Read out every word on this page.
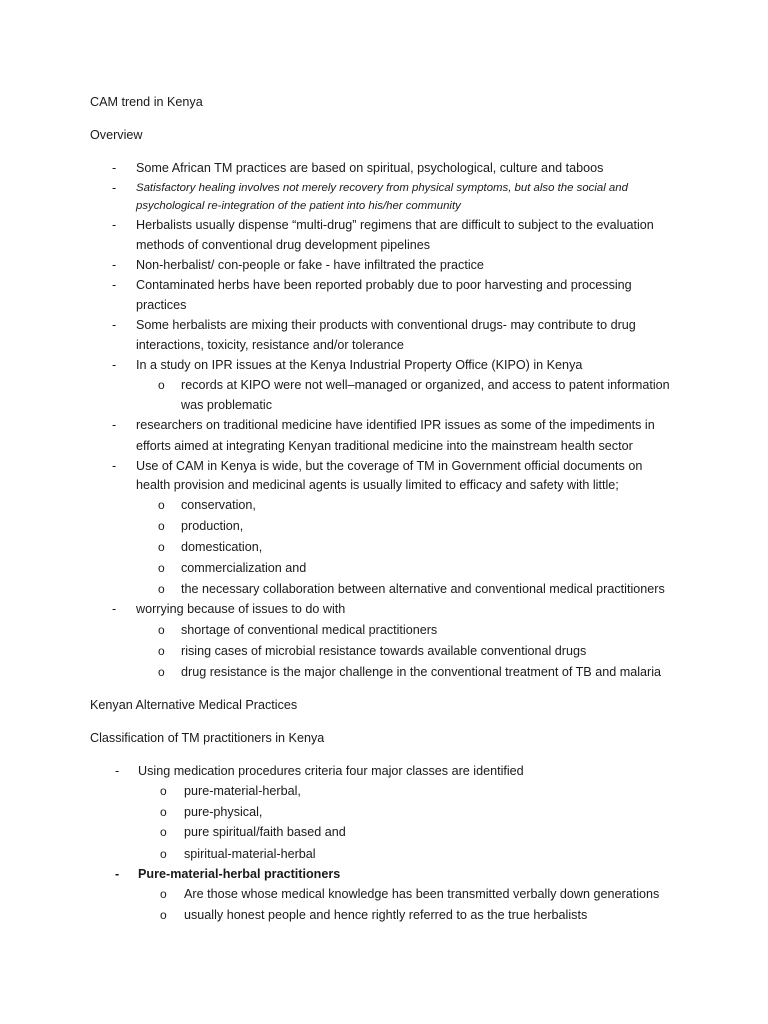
CAM trend in Kenya
Overview
- Some African TM practices are based on spiritual, psychological, culture and taboos
- Satisfactory healing involves not merely recovery from physical symptoms, but also the social and
psychological re-integration of the patient into his/her community
- Herbalists usually dispense “multi-drug” regimens that are difficult to subject to the evaluation
methods of conventional drug development pipelines
- Non-herbalist/ con-people or fake - have infiltrated the practice
- Contaminated herbs have been reported probably due to poor harvesting and processing
practices
- Some herbalists are mixing their products with conventional drugs- may contribute to drug
interactions, toxicity, resistance and/or tolerance
- In a study on IPR issues at the Kenya Industrial Property Office (KIPO) in Kenya
o records at KIPO were not well–managed or organized, and access to patent information
was problematic
- researchers on traditional medicine have identified IPR issues as some of the impediments in
efforts aimed at integrating Kenyan traditional medicine into the mainstream health sector
- Use of CAM in Kenya is wide, but the coverage of TM in Government official documents on
health provision and medicinal agents is usually limited to efficacy and safety with little;
o conservation,
o production,
o domestication,
o commercialization and
o the necessary collaboration between alternative and conventional medical practitioners
- worrying because of issues to do with
o shortage of conventional medical practitioners
o rising cases of microbial resistance towards available conventional drugs
o drug resistance is the major challenge in the conventional treatment of TB and malaria
Kenyan Alternative Medical Practices
Classification of TM practitioners in Kenya
- Using medication procedures criteria four major classes are identified
o pure-material-herbal,
o pure-physical,
o pure spiritual/faith based and
o spiritual-material-herbal
- Pure-material-herbal practitioners
o Are those whose medical knowledge has been transmitted verbally down generations
o usually honest people and hence rightly referred to as the true herbalists
